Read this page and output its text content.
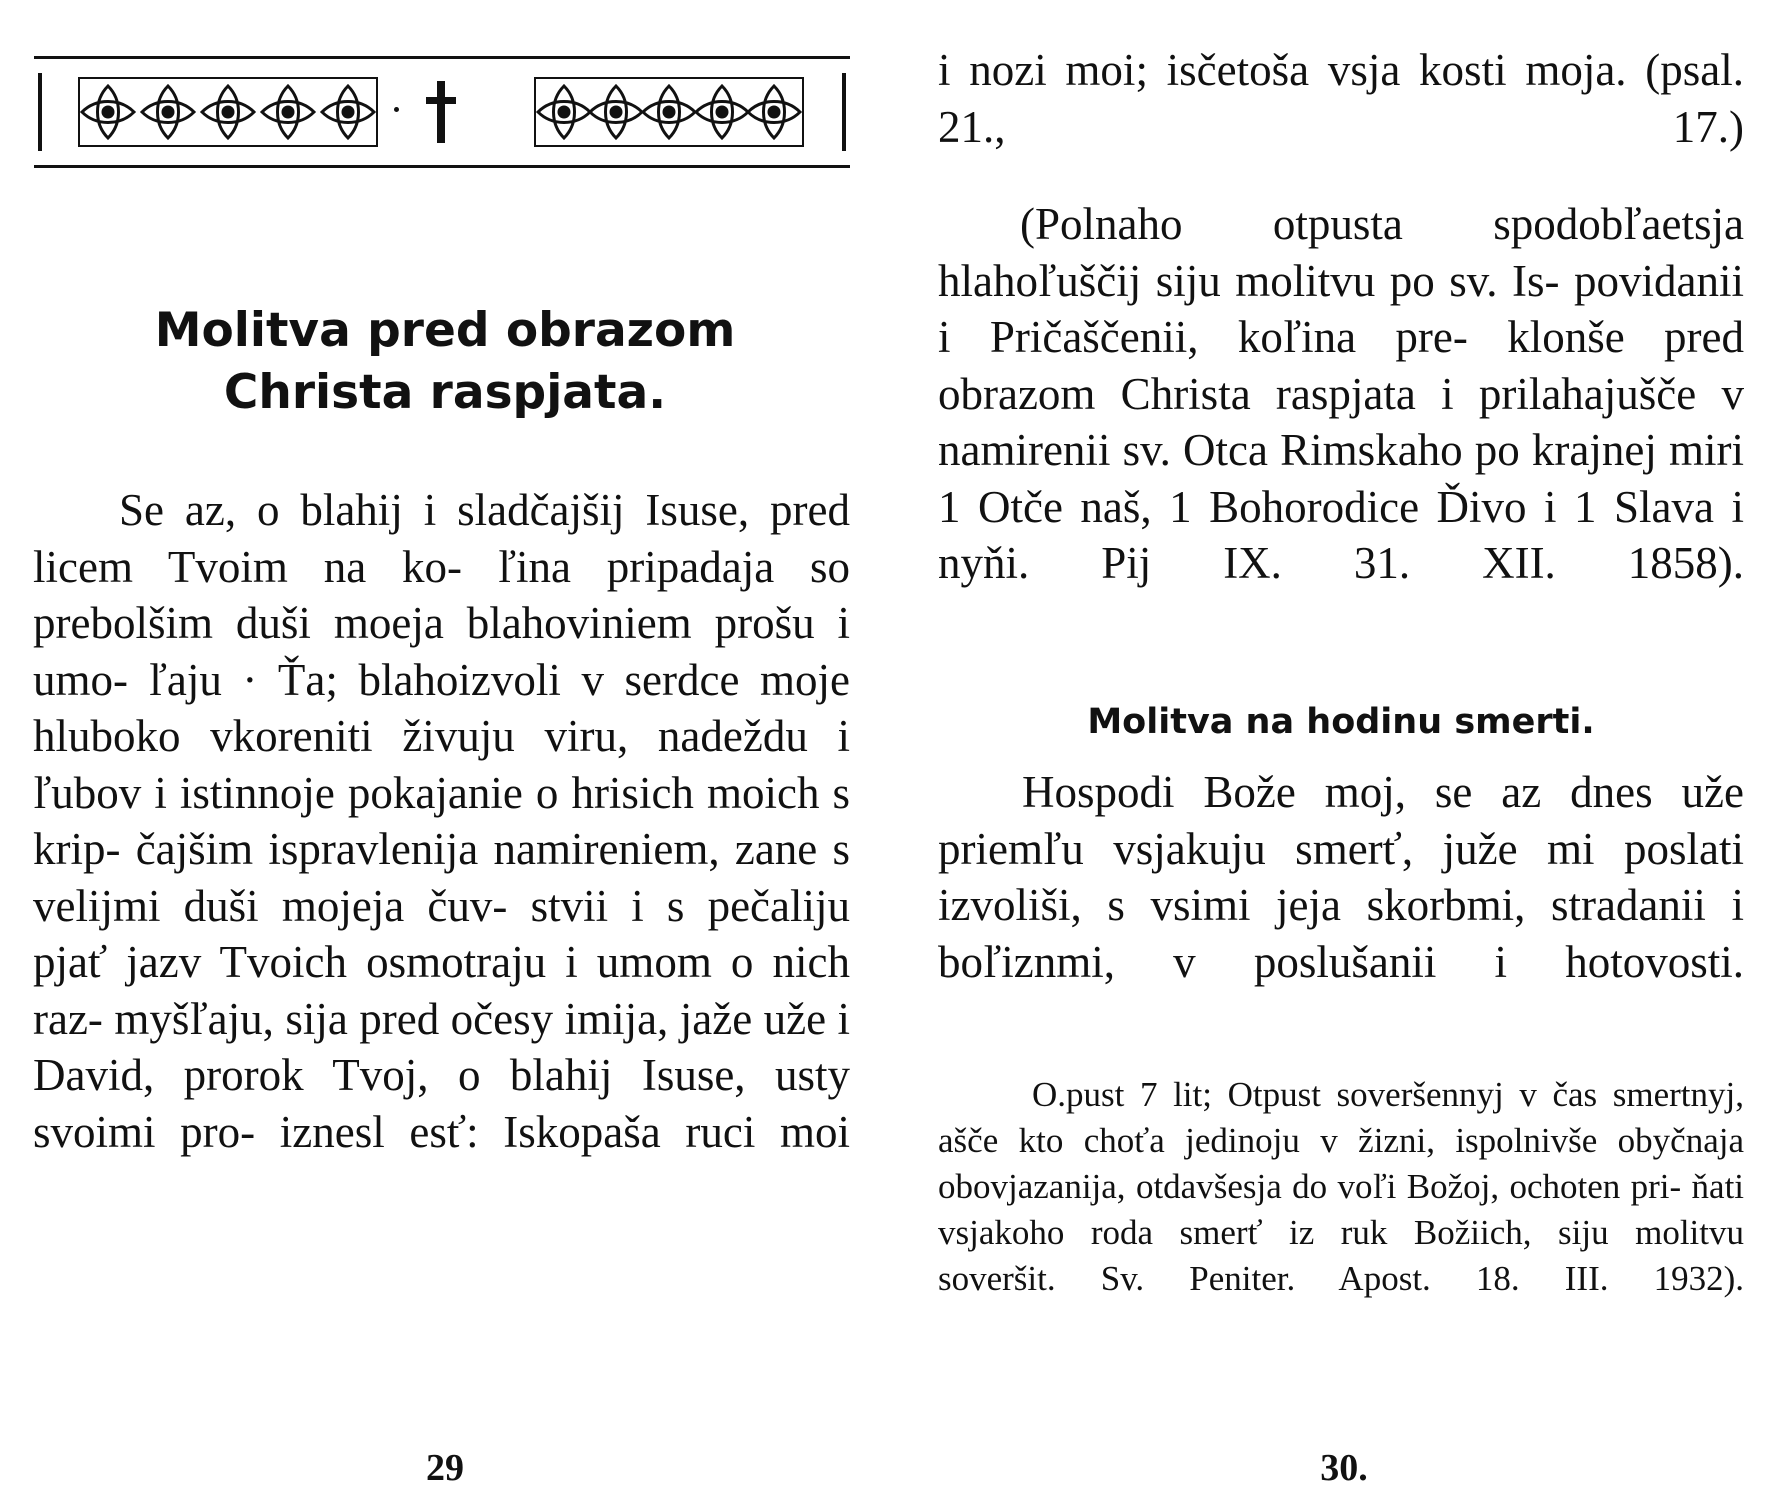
Molitva pred obrazom
Christa raspjata.

Se az, o blahij i sladčajšij Isuse, pred licem Tvoim na ko- ľina pripadaja so prebolšim duši moeja blahoviniem prošu i umo- ľaju · Ťa; blahoizvoli v serdce moje hluboko vkoreniti živuju viru, nadeždu i ľubov i istinnoje pokajanie o hrisich moich s krip- čajšim ispravlenija namireniem, zane s velijmi duši mojeja čuv- stvii i s pečaliju pjať jazv Tvoich osmotraju i umom o nich raz- myšľaju, sija pred očesy imija, jaže uže i David, prorok Tvoj, o blahij Isuse, usty svoimi pro- iznesl esť: Iskopaša ruci moi

29

i nozi moi; isčetoša vsja kosti moja. (psal. 21., 17.)

(Polnaho otpusta spodobľaetsja hlahoľuščij siju molitvu po sv. Is- povidanii i Pričaščenii, koľina pre- klonše pred obrazom Christa raspjata i prilahajušče v namirenii sv. Otca Rimskaho po krajnej miri 1 Otče naš, 1 Bohorodice Ďivo i 1 Slava i nyňi. Pij IX. 31. XII. 1858).

Molitva na hodinu smerti.

Hospodi Bože moj, se az dnes uže priemľu vsjakuju smerť, juže mi poslati izvoliši, s vsimi jeja skorbmi, stradanii i boľiznmi, v poslušanii i hotovosti.

O.pust 7 lit; Otpust soveršennyj v čas smertnyj, ašče kto choťa jedinoju v žizni, ispolnivše obyčnaja obovjazanija, otdavšesja do voľi Božoj, ochoten pri- ňati vsjakoho roda smerť iz ruk Božiich, siju molitvu soveršit. Sv. Peniter. Apost. 18. III. 1932).

30.
